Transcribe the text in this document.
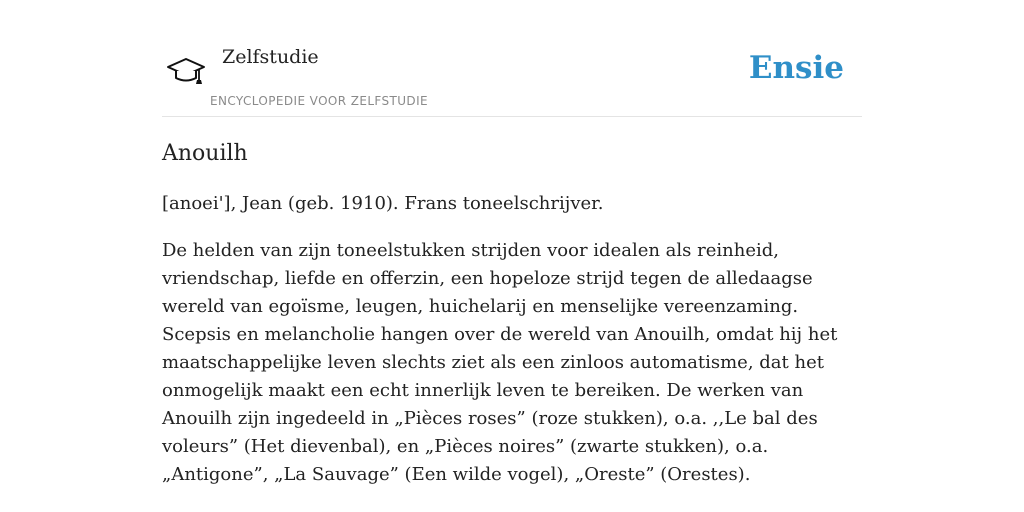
Zelfstudie
ENCYCLOPEDIE VOOR ZELFSTUDIE
Ensie
Anouilh

[anoei'], Jean (geb. 1910). Frans toneelschrijver.

De helden van zijn toneelstukken strijden voor idealen als reinheid, vriendschap, liefde en offerzin, een hopeloze strijd tegen de alledaagse wereld van egoïsme, leugen, huichelarij en menselijke vereenzaming. Scepsis en melancholie hangen over de wereld van Anouilh, omdat hij het maatschappelijke leven slechts ziet als een zinloos automatisme, dat het onmogelijk maakt een echt innerlijk leven te bereiken. De werken van Anouilh zijn ingedeeld in „Pièces roses” (roze stukken), o.a. ,,Le bal des voleurs” (Het dievenbal), en „Pièces noires” (zwarte stukken), o.a. „Antigone”, „La Sauvage” (Een wilde vogel), „Oreste” (Orestes).
